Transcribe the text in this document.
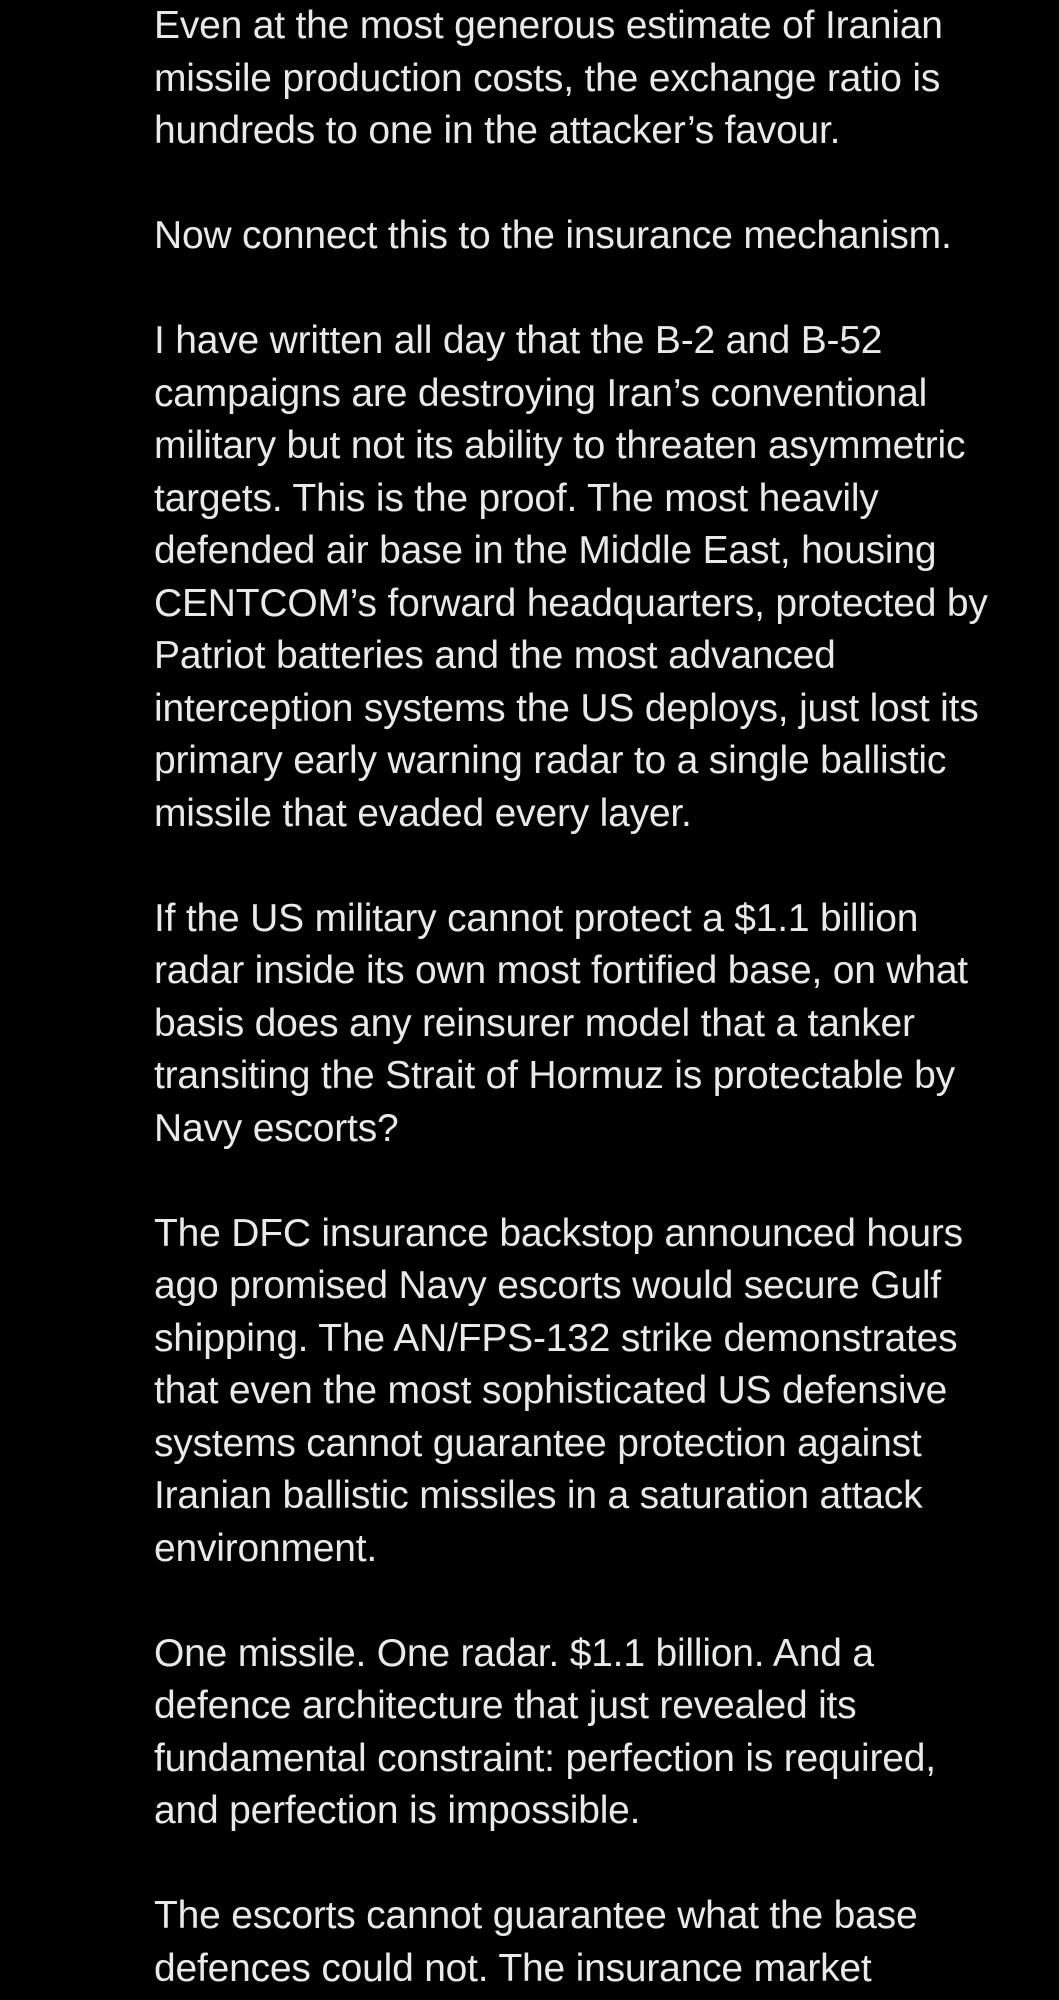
Even at the most generous estimate of Iranian
missile production costs, the exchange ratio is
hundreds to one in the attacker’s favour.
Now connect this to the insurance mechanism.
I have written all day that the B-2 and B-52
campaigns are destroying Iran’s conventional
military but not its ability to threaten asymmetric
targets. This is the proof. The most heavily
defended air base in the Middle East, housing
CENTCOM’s forward headquarters, protected by
Patriot batteries and the most advanced
interception systems the US deploys, just lost its
primary early warning radar to a single ballistic
missile that evaded every layer.
If the US military cannot protect a $1.1 billion
radar inside its own most fortified base, on what
basis does any reinsurer model that a tanker
transiting the Strait of Hormuz is protectable by
Navy escorts?
The DFC insurance backstop announced hours
ago promised Navy escorts would secure Gulf
shipping. The AN/FPS-132 strike demonstrates
that even the most sophisticated US defensive
systems cannot guarantee protection against
Iranian ballistic missiles in a saturation attack
environment.
One missile. One radar. $1.1 billion. And a
defence architecture that just revealed its
fundamental constraint: perfection is required,
and perfection is impossible.
The escorts cannot guarantee what the base
defences could not. The insurance market
